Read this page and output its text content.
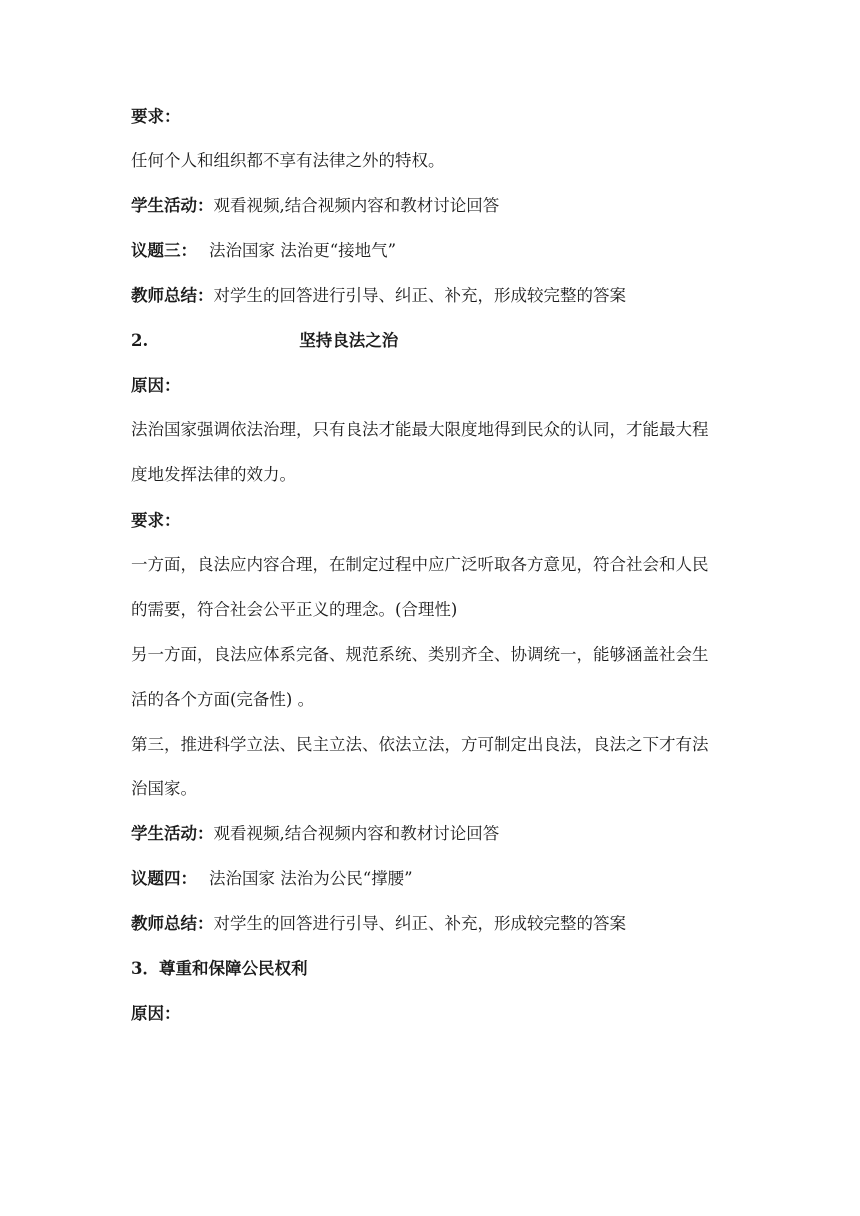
要求：
任何个人和组织都不享有法律之外的特权。
学生活动：观看视频,结合视频内容和教材讨论回答
议题三： 法治国家 法治更“接地气”
教师总结：对学生的回答进行引导、纠正、补充，形成较完整的答案
2.	坚持良法之治
原因：
法治国家强调依法治理，只有良法才能最大限度地得到民众的认同，才能最大程
度地发挥法律的效力。
要求：
一方面，良法应内容合理，在制定过程中应广泛听取各方意见，符合社会和人民
的需要，符合社会公平正义的理念。(合理性)
另一方面，良法应体系完备、规范系统、类别齐全、协调统一，能够涵盖社会生
活的各个方面(完备性) 。
第三，推进科学立法、民主立法、依法立法，方可制定出良法，良法之下才有法
治国家。
学生活动：观看视频,结合视频内容和教材讨论回答
议题四： 法治国家 法治为公民“撑腰”
教师总结：对学生的回答进行引导、纠正、补充，形成较完整的答案
3．尊重和保障公民权利
原因：
